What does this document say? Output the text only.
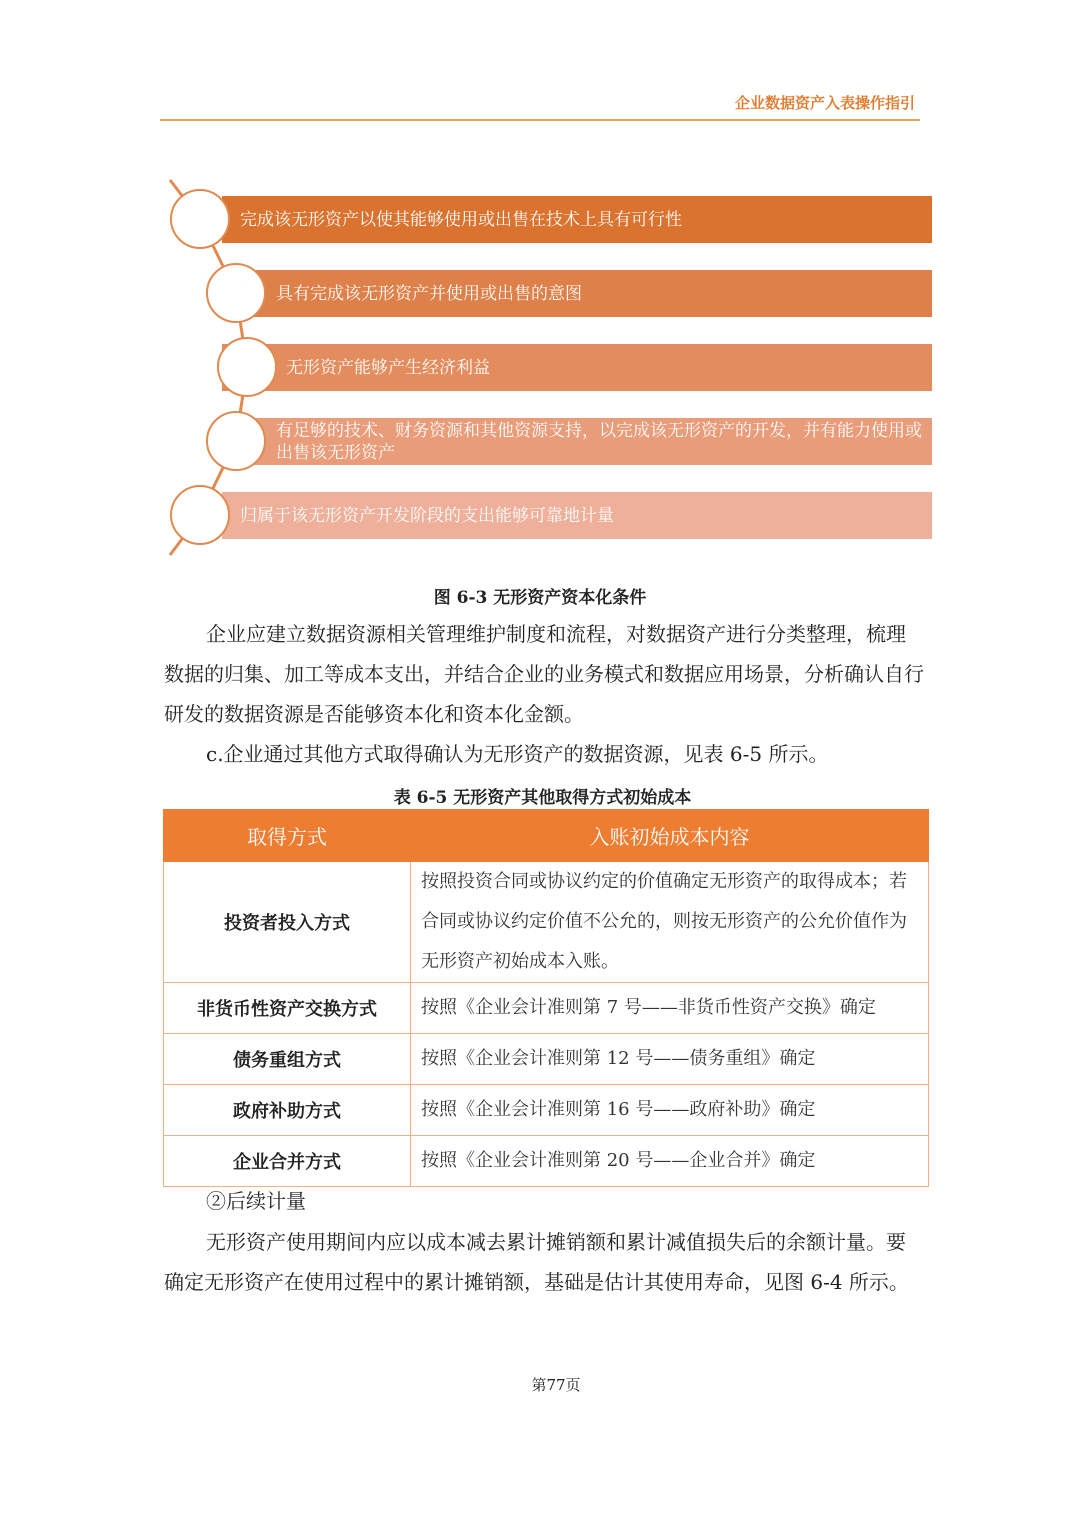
企业数据资产入表操作指引
完成该无形资产以使其能够使用或出售在技术上具有可行性
具有完成该无形资产并使用或出售的意图
无形资产能够产生经济利益
有足够的技术、财务资源和其他资源支持，以完成该无形资产的开发，并有能力使用或出售该无形资产
归属于该无形资产开发阶段的支出能够可靠地计量
图 6-3 无形资产资本化条件
企业应建立数据资源相关管理维护制度和流程，对数据资产进行分类整理，梳理数据的归集、加工等成本支出，并结合企业的业务模式和数据应用场景，分析确认自行研发的数据资源是否能够资本化和资本化金额。
c.企业通过其他方式取得确认为无形资产的数据资源，见表 6-5 所示。
表 6-5 无形资产其他取得方式初始成本
取得方式	入账初始成本内容
投资者投入方式	按照投资合同或协议约定的价值确定无形资产的取得成本；若合同或协议约定价值不公允的，则按无形资产的公允价值作为无形资产初始成本入账。
非货币性资产交换方式	按照《企业会计准则第 7 号——非货币性资产交换》确定
债务重组方式	按照《企业会计准则第 12 号——债务重组》确定
政府补助方式	按照《企业会计准则第 16 号——政府补助》确定
企业合并方式	按照《企业会计准则第 20 号——企业合并》确定
②后续计量
无形资产使用期间内应以成本减去累计摊销额和累计减值损失后的余额计量。要确定无形资产在使用过程中的累计摊销额，基础是估计其使用寿命，见图 6-4 所示。
第77页
